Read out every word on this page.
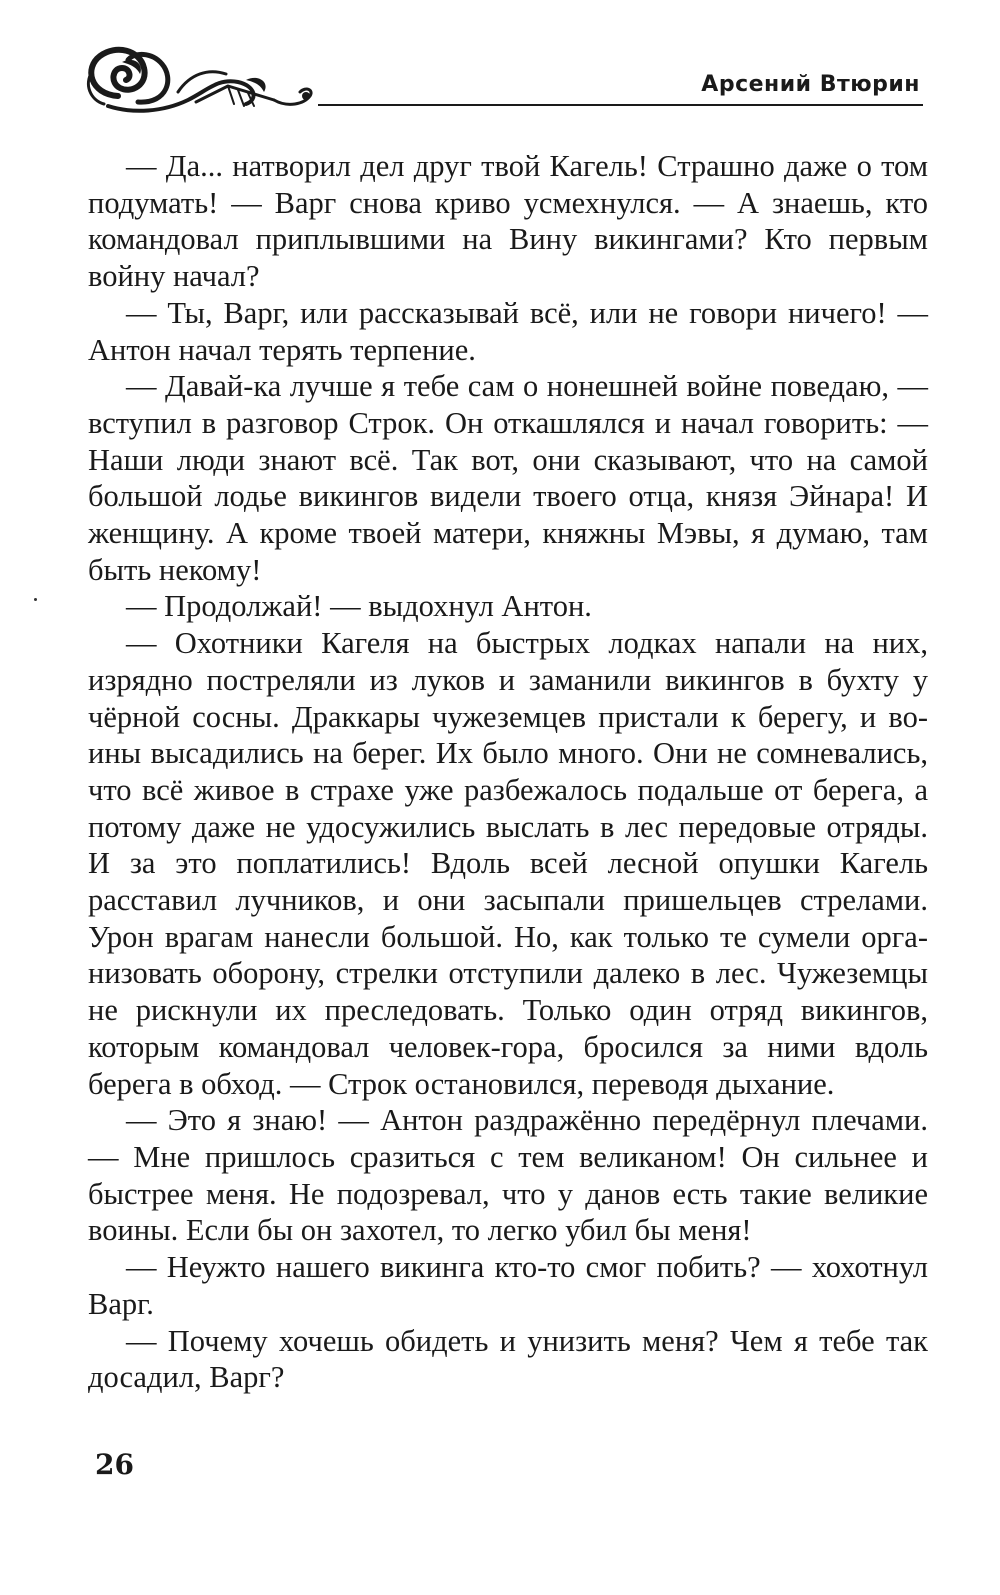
Арсений Втюрин

— Да... натворил дел друг твой Кагель! Страшно даже о том подумать! — Варг снова криво усмехнулся. — А знаешь, кто командовал приплывшими на Вину викингами? Кто первым войну начал?

— Ты, Варг, или рассказывай всё, или не говори ничего! — Антон начал терять терпение.

— Давай-ка лучше я тебе сам о нонешней войне поведаю, — вступил в разговор Строк. Он откашлялся и начал говорить: — Наши люди знают всё. Так вот, они сказывают, что на самой большой лодье викингов видели твоего отца, князя Эйнара! И женщину. А кроме твоей матери, княжны Мэвы, я думаю, там быть некому!

— Продолжай! — выдохнул Антон.

— Охотники Кагеля на быстрых лодках напали на них, изрядно постреляли из луков и заманили викингов в бухту у чёрной сосны. Драккары чужеземцев пристали к берегу, и воины высадились на берег. Их было много. Они не сомневались, что всё живое в страхе уже разбежалось подальше от берега, а потому даже не удосужились выслать в лес передовые отряды. И за это поплатились! Вдоль всей лесной опушки Кагель расставил лучников, и они засыпали пришельцев стрелами. Урон врагам нанесли большой. Но, как только те сумели организовать оборону, стрелки отступили далеко в лес. Чужеземцы не рискнули их преследовать. Только один отряд викингов, которым командовал человек-гора, бросился за ними вдоль берега в обход. — Строк остановился, переводя дыхание.

— Это я знаю! — Антон раздражённо передёрнул плечами. — Мне пришлось сразиться с тем великаном! Он сильнее и быстрее меня. Не подозревал, что у данов есть такие великие воины. Если бы он захотел, то легко убил бы меня!

— Неужто нашего викинга кто-то смог побить? — хохотнул Варг.

— Почему хочешь обидеть и унизить меня? Чем я тебе так досадил, Варг?

26
